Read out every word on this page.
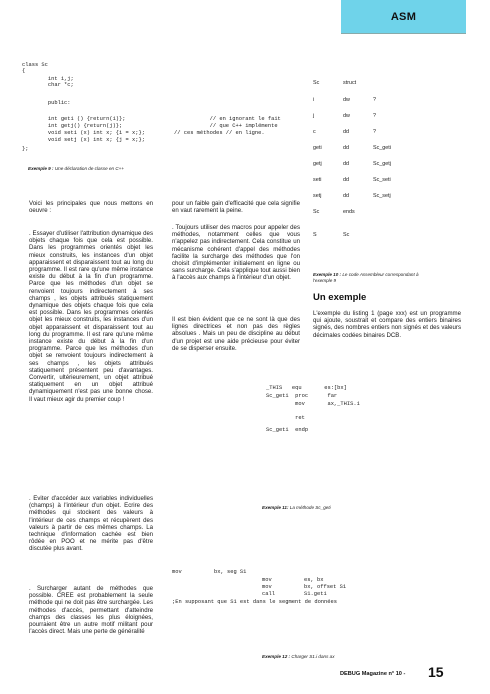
ASM
class Sc
{
int i,j;
char *c;
public:
int geti () {return(i)};                          // en ignorant le fait
int getj() {return(j)};                           // que C++ implémente
void seti (x) int x; {i = x;};         // ces méthodes // en ligne.
void setj (x) int x; {j = x;};
};
Exemple 9 : Une déclaration de classe en C++
Sc	struct
i	dw	?
j	dw	?
c	dd	?
geti	dd	Sc_geti
getj	dd	Sc_getj
seti	dd	Sc_seti
setj	dd	Sc_setj
Sc	ends
S	Sc
Exemple 10 : Le code Assembleur correspondant à l'exemple 9
Un exemple
Voici les principales que nous mettons en oeuvre :
. Essayer d'utiliser l'attribution dynamique des objets chaque fois que cela est possible. Dans les programmes orientés objet les mieux construits, les instances d'un objet apparaissent et disparaissent tout au long du programme. Il est rare qu'une même instance existe du début à la fin d'un programme. Parce que les méthodes d'un objet se renvoient toujours indirectement à ses champs , les objets attribués statiquement dynamique des objets chaque fois que cela est possible. Dans les programmes orientés objet les mieux construits, les instances d'un objet apparaissent et disparaissent tout au long du programme. Il est rare qu'une même instance existe du début à la fin d'un programme. Parce que les méthodes d'un objet se renvoient toujours indirectement à ses champs , les objets attribués statiquement présentent peu d'avantages. Convertir, ultérieurement, un objet attribué statiquement en un objet attribué dynamiquement n'est pas une bonne chose. Il vaut mieux agir du premier coup !
. Eviter d'accéder aux variables individuelles (champs) à l'intérieur d'un objet. Ecrire des méthodes qui stockent des valeurs à l'intérieur de ces champs et récupèrent des valeurs à partir de ces mêmes champs. La technique d'information cachée est bien rôdée en POO et ne mérite pas d'être discutée plus avant.
. Surcharger autant de méthodes que possible. CREE est probablement la seule méthode qui ne doit pas être surchargée. Les méthodes d'accès, permettant d'atteindre champs des classes les plus éloignées, pourraient être un autre motif militant pour l'accès direct. Mais une perte de généralité
pour un faible gain d'efficacité que cela signifie en vaut rarement la peine.
. Toujours utiliser des macros pour appeler des méthodes, notamment celles que vous n'appelez pas indirectement. Cela constitue un mécanisme cohérent d'appel des méthodes facilite la surcharge des méthodes que l'on choisit d'implémenter initialement en ligne ou sans surcharge. Cela s'applique tout aussi bien à l'accès aux champs à l'intérieur d'un objet.
Il est bien évident que ce ne sont là que des lignes directrices et non pas des règles absolues . Mais un peu de discipline au début d'un projet est une aide précieuse pour éviter de se disperser ensuite.
L'exemple du listing 1 (page xxx) est un programme qui ajoute, soustrait et compare des entiers binaires signés, des nombres entiers non signés et des valeurs décimales codées binaires DCB.
_THIS   equ       es:[bx]
Sc_geti  proc      far
mov       ax,_THIS.i
ret
Sc_geti  endp
Exemple 11: La méthode Sc_geti
mov          bx, seg S1
mov          es, bx
mov          bx, offset S1
call         S1.geti
;En supposant que S1 est dans le segment de données
Exemple 12 : Charger S1.i dans ax
DEBUG Magazine n° 10 - 15
